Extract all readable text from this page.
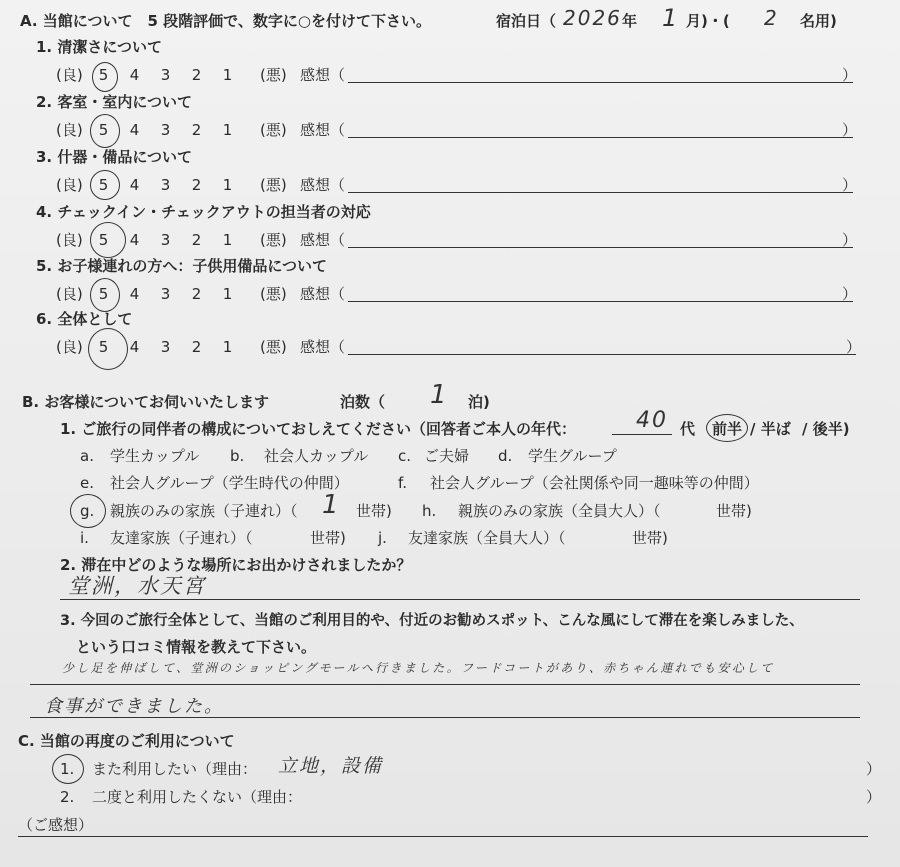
A. 当館について　5 段階評価で、数字に○を付けて下さい。	宿泊日（ 2026 年 1 月)・( 2 名用)
1. 清潔さについて
(良)	5 4 3 2 1	(悪) 感想（	）
2. 客室・室内について
(良)	5 4 3 2 1	(悪) 感想（	）
3. 什器・備品について
(良)	5 4 3 2 1	(悪) 感想（	）
4. チェックイン・チェックアウトの担当者の対応
(良)	5 4 3 2 1	(悪) 感想（	）
5. お子様連れの方へ：子供用備品について
(良)	5 4 3 2 1	(悪) 感想（	）
6. 全体として
(良)	5 4 3 2 1	(悪) 感想（	）
B. お客様についてお伺いいたします	泊数（ 1 泊)
1. ご旅行の同伴者の構成についておしえてください（回答者ご本人の年代：	40 代 前半 / 半ば / 後半)
a. 学生カップル b. 社会人カップル c. ご夫婦 d. 学生グループ
e. 社会人グループ（学生時代の仲間）	f. 社会人グループ（会社関係や同一趣味等の仲間）
g. 親族のみの家族（子連れ）（ 1 世帯) h. 親族のみの家族（全員大人）（	世帯)
i. 友達家族（子連れ）（	世帯) j. 友達家族（全員大人）（	世帯)
2. 滞在中どのような場所にお出かけされましたか？
堂洲，水天宮
3. 今回のご旅行全体として、当館のご利用目的や、付近のお勧めスポット、こんな風にして滞在を楽しみました、
という口コミ情報を教えて下さい。
少し足を伸ばして、堂洲のショッピングモールへ行きました。フードコートがあり、赤ちゃん連れでも安心して
食事ができました。
C. 当館の再度のご利用について
1. また利用したい（理由： 立地，設備	）
2. 二度と利用したくない（理由：	）
（ご感想）
